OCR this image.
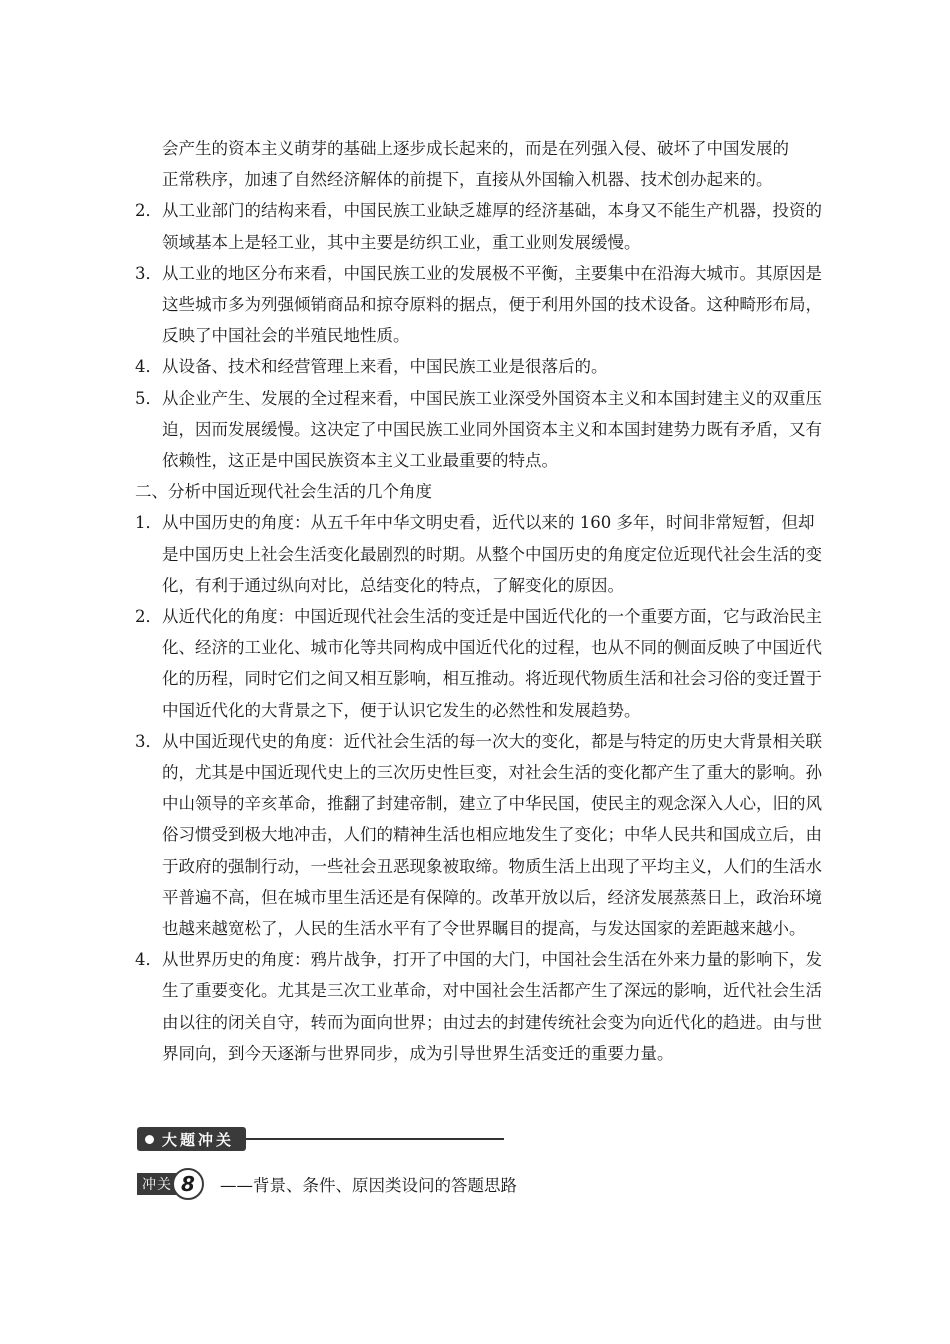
会产生的资本主义萌芽的基础上逐步成长起来的，而是在列强入侵、破坏了中国发展的

正常秩序，加速了自然经济解体的前提下，直接从外国输入机器、技术创办起来的。

2． 从工业部门的结构来看，中国民族工业缺乏雄厚的经济基础，本身又不能生产机器，投资的领域基本上是轻工业，其中主要是纺织工业，重工业则发展缓慢。
3． 从工业的地区分布来看，中国民族工业的发展极不平衡，主要集中在沿海大城市。其原因是这些城市多为列强倾销商品和掠夺原料的据点，便于利用外国的技术设备。这种畸形布局，反映了中国社会的半殖民地性质。
4． 从设备、技术和经营管理上来看，中国民族工业是很落后的。
5． 从企业产生、发展的全过程来看，中国民族工业深受外国资本主义和本国封建主义的双重压迫，因而发展缓慢。这决定了中国民族工业同外国资本主义和本国封建势力既有矛盾，又有依赖性，这正是中国民族资本主义工业最重要的特点。

二、分析中国近现代社会生活的几个角度

1． 从中国历史的角度：从五千年中华文明史看，近代以来的 160 多年，时间非常短暂，但却是中国历史上社会生活变化最剧烈的时期。从整个中国历史的角度定位近现代社会生活的变化，有利于通过纵向对比，总结变化的特点，了解变化的原因。
2． 从近代化的角度：中国近现代社会生活的变迁是中国近代化的一个重要方面，它与政治民主化、经济的工业化、城市化等共同构成中国近代化的过程，也从不同的侧面反映了中国近代化的历程，同时它们之间又相互影响，相互推动。将近现代物质生活和社会习俗的变迁置于中国近代化的大背景之下，便于认识它发生的必然性和发展趋势。
3． 从中国近现代史的角度：近代社会生活的每一次大的变化，都是与特定的历史大背景相关联的，尤其是中国近现代史上的三次历史性巨变，对社会生活的变化都产生了重大的影响。孙中山领导的辛亥革命，推翻了封建帝制，建立了中华民国，使民主的观念深入人心，旧的风俗习惯受到极大地冲击，人们的精神生活也相应地发生了变化；中华人民共和国成立后，由于政府的强制行动，一些社会丑恶现象被取缔。物质生活上出现了平均主义，人们的生活水平普遍不高，但在城市里生活还是有保障的。改革开放以后，经济发展蒸蒸日上，政治环境也越来越宽松了，人民的生活水平有了令世界瞩目的提高，与发达国家的差距越来越小。
4． 从世界历史的角度：鸦片战争，打开了中国的大门，中国社会生活在外来力量的影响下，发生了重要变化。尤其是三次工业革命，对中国社会生活都产生了深远的影响，近代社会生活由以往的闭关自守，转而为面向世界；由过去的封建传统社会变为向近代化的趋进。由与世界同向，到今天逐渐与世界同步，成为引导世界生活变迁的重要力量。
大题冲关
冲关 8	——背景、条件、原因类设问的答题思路
